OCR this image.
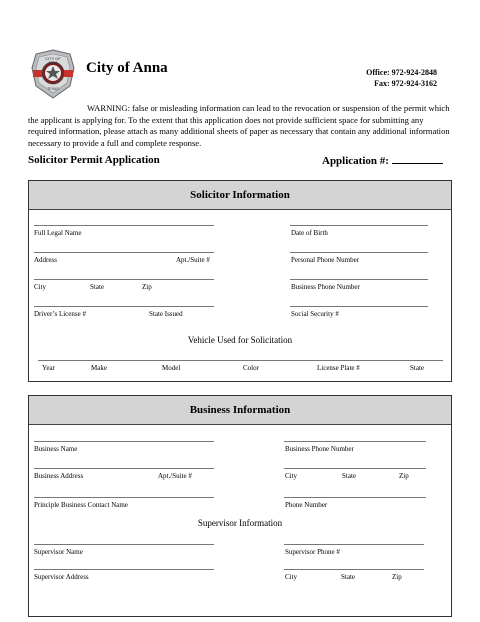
CITY OF
ANNA
TEXAS
City of Anna	Office: 972-924-2848
Fax: 972-924-3162
WARNING: false or misleading information can lead to the revocation or suspension of the permit which the applicant is applying for. To the extent that this application does not provide sufficient space for submitting any required information, please attach as many additional sheets of paper as necessary that contain any additional information necessary to provide a full and complete response.
Solicitor Permit Application	Application #:
Solicitor Information
Full Legal Name	Date of Birth
Address	Apt./Suite #	Personal Phone Number
City	State	Zip	Business Phone Number
Driver’s License #	State Issued	Social Security #
Vehicle Used for Solicitation
Year	Make	Model	Color	License Plate #	State
Business Information
Business Name	Business Phone Number
Business Address	Apt./Suite #	City	State	Zip
Principle Business Contact Name	Phone Number
Supervisor Information
Supervisor Name	Supervisor Phone #
Supervisor Address	City	State	Zip
